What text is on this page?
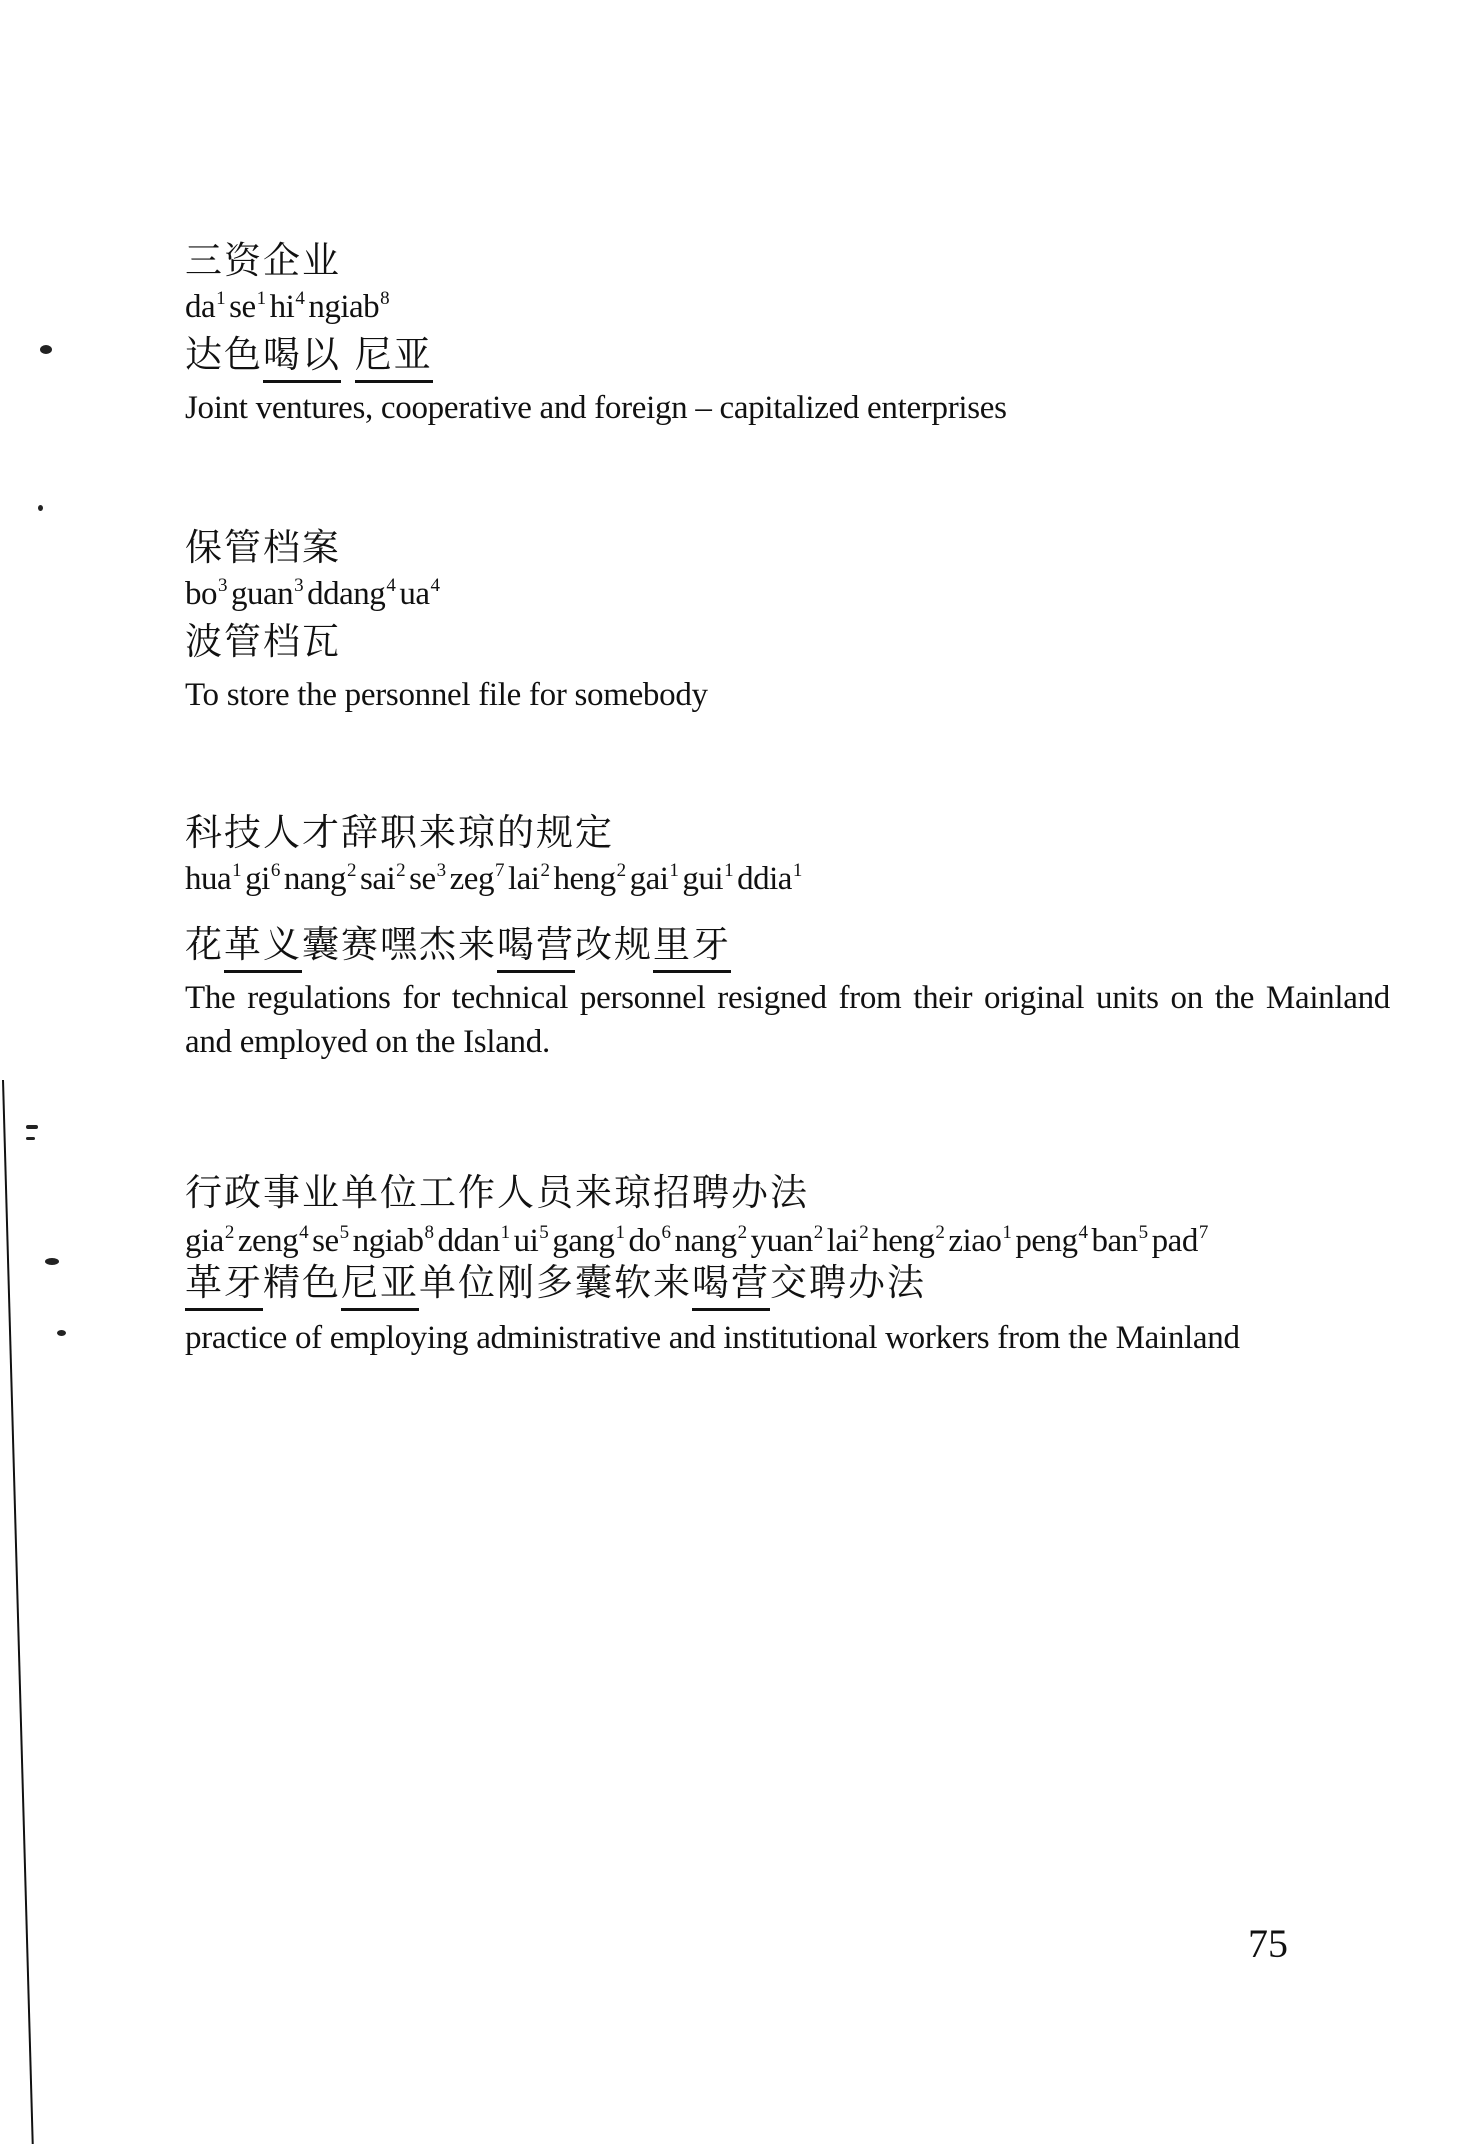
三资企业
$da^1$ $se^1$ $hi^4$ ngiab$^8$
达色喝以 尼亚
Joint ventures, cooperative and foreign – capitalized enterprises
保管档案
$bo^3$ guan$^3$ ddang$^4$ $ua^4$
波管档瓦
To store the personnel file for somebody
科技人才辞职来琼的规定
hua$^1$ $gi^6$ nang$^2$ sai$^2$ $se^3$ zeg$^7$ lai$^2$ heng$^2$ gai$^1$ gui$^1$ ddia$^1$
花革义囊赛嘿杰来喝营改规里牙
The regulations for technical personnel resigned from their original units on the Mainland and employed on the Island.
行政事业单位工作人员来琼招聘办法
gia$^2$ zeng$^4$ $se^5$ ngiab$^8$ ddan$^1$ $ui^5$ gang$^1$ $do^6$ nang$^2$ yuan$^2$ lai$^2$ heng$^2$ ziao$^1$ peng$^4$ ban$^5$ pad$^7$
革牙精色尼亚单位刚多囊软来喝营交聘办法
practice of employing administrative and institutional workers from the Mainland
75
